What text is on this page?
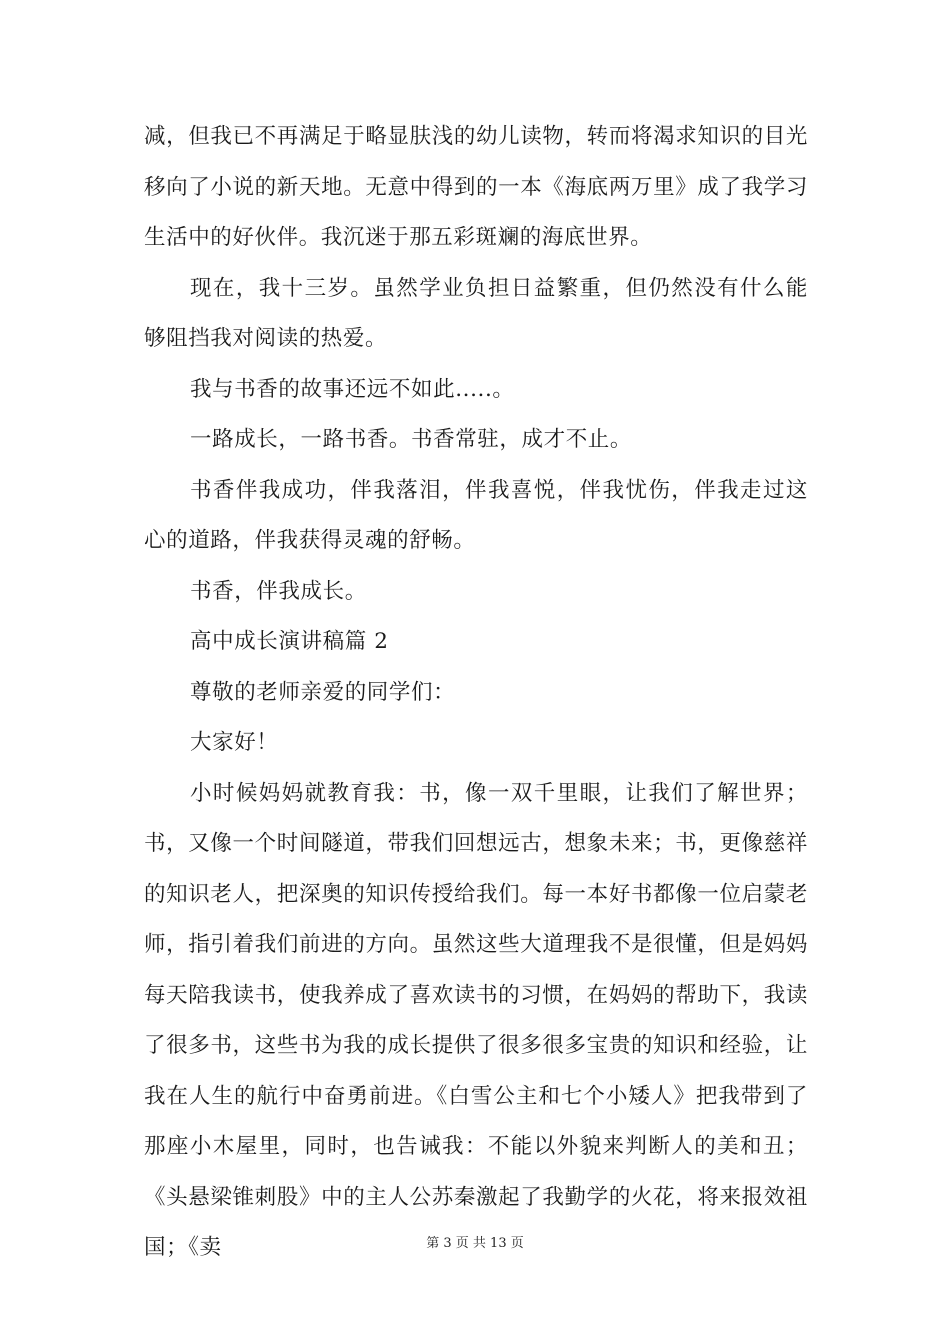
减，但我已不再满足于略显肤浅的幼儿读物，转而将渴求知识的目光移向了小说的新天地。无意中得到的一本《海底两万里》成了我学习生活中的好伙伴。我沉迷于那五彩斑斓的海底世界。

现在，我十三岁。虽然学业负担日益繁重，但仍然没有什么能够阻挡我对阅读的热爱。

我与书香的故事还远不如此.....。

一路成长，一路书香。书香常驻，成才不止。

书香伴我成功，伴我落泪，伴我喜悦，伴我忧伤，伴我走过这心的道路，伴我获得灵魂的舒畅。

书香，伴我成长。

高中成长演讲稿篇 2

尊敬的老师亲爱的同学们：

大家好！

小时候妈妈就教育我：书，像一双千里眼，让我们了解世界；书，又像一个时间隧道，带我们回想远古，想象未来；书，更像慈祥的知识老人，把深奥的知识传授给我们。每一本好书都像一位启蒙老师，指引着我们前进的方向。虽然这些大道理我不是很懂，但是妈妈每天陪我读书，使我养成了喜欢读书的习惯，在妈妈的帮助下，我读了很多书，这些书为我的成长提供了很多很多宝贵的知识和经验，让我在人生的航行中奋勇前进。《白雪公主和七个小矮人》把我带到了那座小木屋里，同时，也告诫我：不能以外貌来判断人的美和丑；《头悬梁锥刺股》中的主人公苏秦激起了我勤学的火花，将来报效祖国；《卖	第 3 页 共 13 页
